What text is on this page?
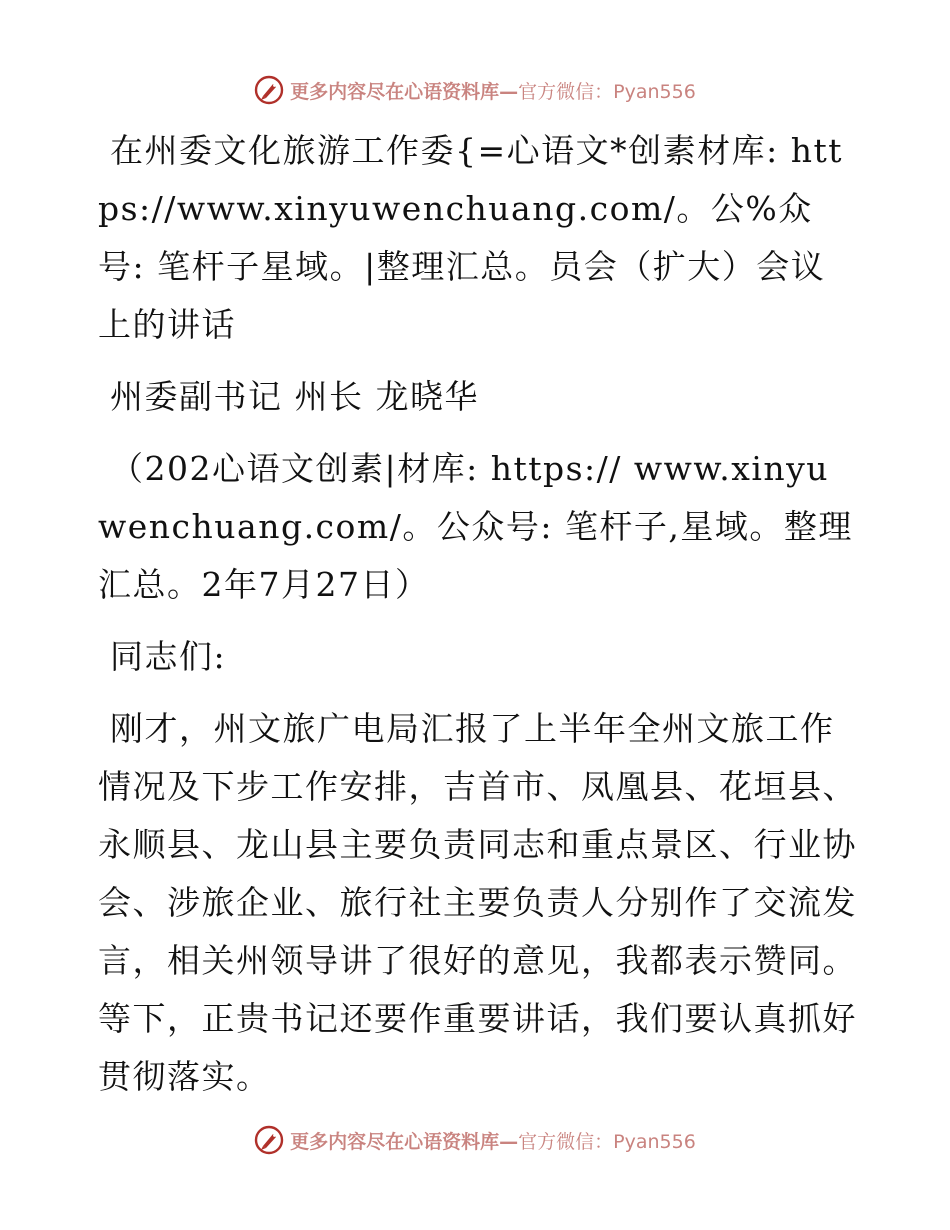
更多内容尽在心语资料库—官方微信：Pyan556

在州委文化旅游工作委{=心语文*创素材库: https://www.xinyuwenchuang.com/。公%众号: 笔杆子星域。|整理汇总。员会（扩大）会议上的讲话

州委副书记 州长 龙晓华

（202心语文创素|材库: https:// www.xinyuwenchuang.com/。公众号: 笔杆子,星域。整理汇总。2年7月27日）

同志们:

刚才，州文旅广电局汇报了上半年全州文旅工作情况及下步工作安排，吉首市、凤凰县、花垣县、永顺县、龙山县主要负责同志和重点景区、行业协会、涉旅企业、旅行社主要负责人分别作了交流发言，相关州领导讲了很好的意见，我都表示赞同。等下，正贵书记还要作重要讲话，我们要认真抓好贯彻落实。

更多内容尽在心语资料库—官方微信：Pyan556
